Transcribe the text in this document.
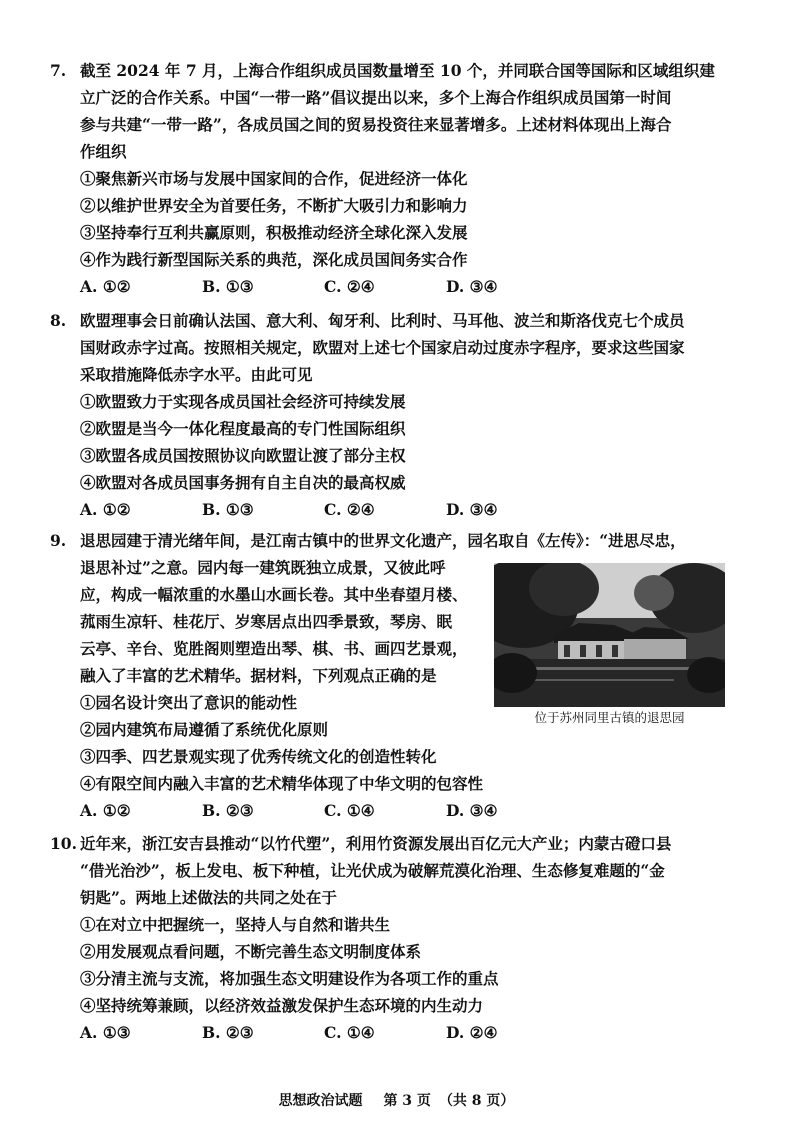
7. 截至 2024 年 7 月，上海合作组织成员国数量增至 10 个，并同联合国等国际和区域组织建
立广泛的合作关系。中国“一带一路”倡议提出以来，多个上海合作组织成员国第一时间
参与共建“一带一路”，各成员国之间的贸易投资往来显著增多。上述材料体现出上海合
作组织
①聚焦新兴市场与发展中国家间的合作，促进经济一体化
②以维护世界安全为首要任务，不断扩大吸引力和影响力
③坚持奉行互利共赢原则，积极推动经济全球化深入发展
④作为践行新型国际关系的典范，深化成员国间务实合作
A. ①②	B. ①③	C. ②④	D. ③④
8. 欧盟理事会日前确认法国、意大利、匈牙利、比利时、马耳他、波兰和斯洛伐克七个成员
国财政赤字过高。按照相关规定，欧盟对上述七个国家启动过度赤字程序，要求这些国家
采取措施降低赤字水平。由此可见
①欧盟致力于实现各成员国社会经济可持续发展
②欧盟是当今一体化程度最高的专门性国际组织
③欧盟各成员国按照协议向欧盟让渡了部分主权
④欧盟对各成员国事务拥有自主自决的最高权威
A. ①②	B. ①③	C. ②④	D. ③④
9. 退思园建于清光绪年间，是江南古镇中的世界文化遗产，园名取自《左传》：“进思尽忠，
退思补过”之意。园内每一建筑既独立成景，又彼此呼
应，构成一幅浓重的水墨山水画长卷。其中坐春望月楼、
菰雨生凉轩、桂花厅、岁寒居点出四季景致，琴房、眠
云亭、辛台、览胜阁则塑造出琴、棋、书、画四艺景观，
融入了丰富的艺术精华。据材料，下列观点正确的是
①园名设计突出了意识的能动性
②园内建筑布局遵循了系统优化原则
③四季、四艺景观实现了优秀传统文化的创造性转化
④有限空间内融入丰富的艺术精华体现了中华文明的包容性
A. ①②	B. ②③	C. ①④	D. ③④
位于苏州同里古镇的退思园
10. 近年来，浙江安吉县推动“以竹代塑”，利用竹资源发展出百亿元大产业；内蒙古磴口县
“借光治沙”，板上发电、板下种植，让光伏成为破解荒漠化治理、生态修复难题的“金
钥匙”。两地上述做法的共同之处在于
①在对立中把握统一，坚持人与自然和谐共生
②用发展观点看问题，不断完善生态文明制度体系
③分清主流与支流，将加强生态文明建设作为各项工作的重点
④坚持统筹兼顾，以经济效益激发保护生态环境的内生动力
A. ①③	B. ②③	C. ①④	D. ②④
思想政治试题 第 3 页 （共 8 页）
